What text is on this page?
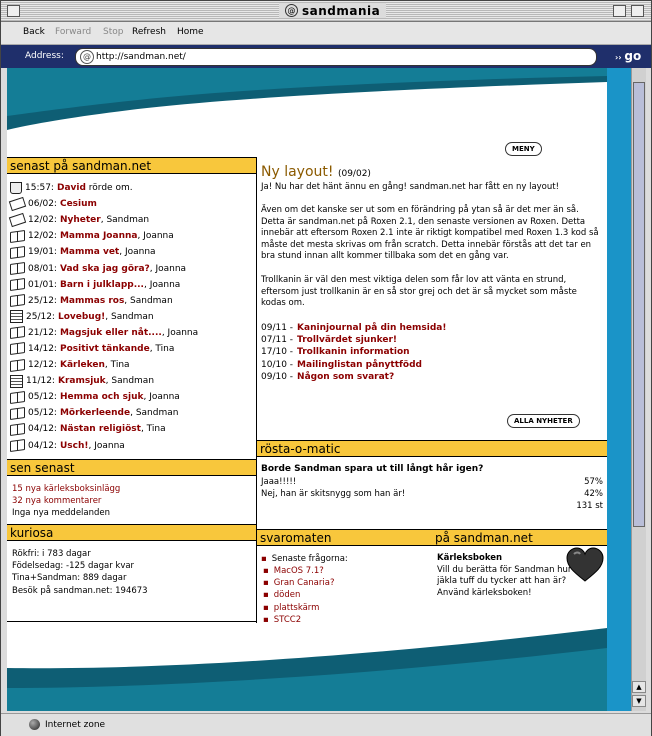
@ sandmania
Back Forward Stop Refresh Home
Address:	@ http://sandman.net/	›› go
▲
▼
MENY
senast på sandman.net
15:57: David rörde om.
06/02: Cesium
12/02: Nyheter , Sandman
12/02: Mamma Joanna , Joanna
19/01: Mamma vet , Joanna
08/01: Vad ska jag göra? , Joanna
01/01: Barn i julklapp... , Joanna
25/12: Mammas ros , Sandman
25/12: Lovebug! , Sandman
21/12: Magsjuk eller nåt.... , Joanna
14/12: Positivt tänkande , Tina
12/12: Kärleken , Tina
11/12: Kramsjuk , Sandman
05/12: Hemma och sjuk , Joanna
05/12: Mörkerleende , Sandman
04/12: Nästan religiöst , Tina
04/12: Usch! , Joanna
sen senast
15 nya kärleksboksinlägg
32 nya kommentarer
Inga nya meddelanden
kuriosa
Rökfri: i 783 dagar
Födelsedag: -125 dagar kvar
Tina+Sandman: 889 dagar
Besök på sandman.net: 194673
Ny layout! (09/02)
Ja! Nu har det hänt ännu en gång! sandman.net har fått en ny layout!
Även om det kanske ser ut som en förändring på ytan så är det mer än så. Detta är sandman.net på Roxen 2.1, den senaste versionen av Roxen. Detta innebär att eftersom Roxen 2.1 inte är riktigt kompatibel med Roxen 1.3 kod så måste det mesta skrivas om från scratch. Detta innebär förstås att det tar en bra stund innan allt kommer tillbaka som det en gång var.
Trollkanin är väl den mest viktiga delen som får lov att vänta en strund, eftersom just trollkanin är en så stor grej och det är så mycket som måste kodas om.
09/11 - Kaninjournal på din hemsida!
07/11 - Trollvärdet sjunker!
17/10 - Trollkanin information
10/10 - Mailinglistan pånyttfödd
09/10 - Någon som svarat?
ALLA NYHETER
rösta-o-matic
Borde Sandman spara ut till långt hår igen?
Jaaa!!!!!	57%
Nej, han är skitsnygg som han är!	42%
131 st
svaromaten	på sandman.net
▪ Senaste frågorna:
▪ MacOS 7.1?
▪ Gran Canaria?
▪ döden
▪ plattskärm
▪ STCC2
Kärleksboken
Vill du berätta för Sandman hur jäkla tuff du tycker att han är? Använd kärleksboken!
Internet zone
